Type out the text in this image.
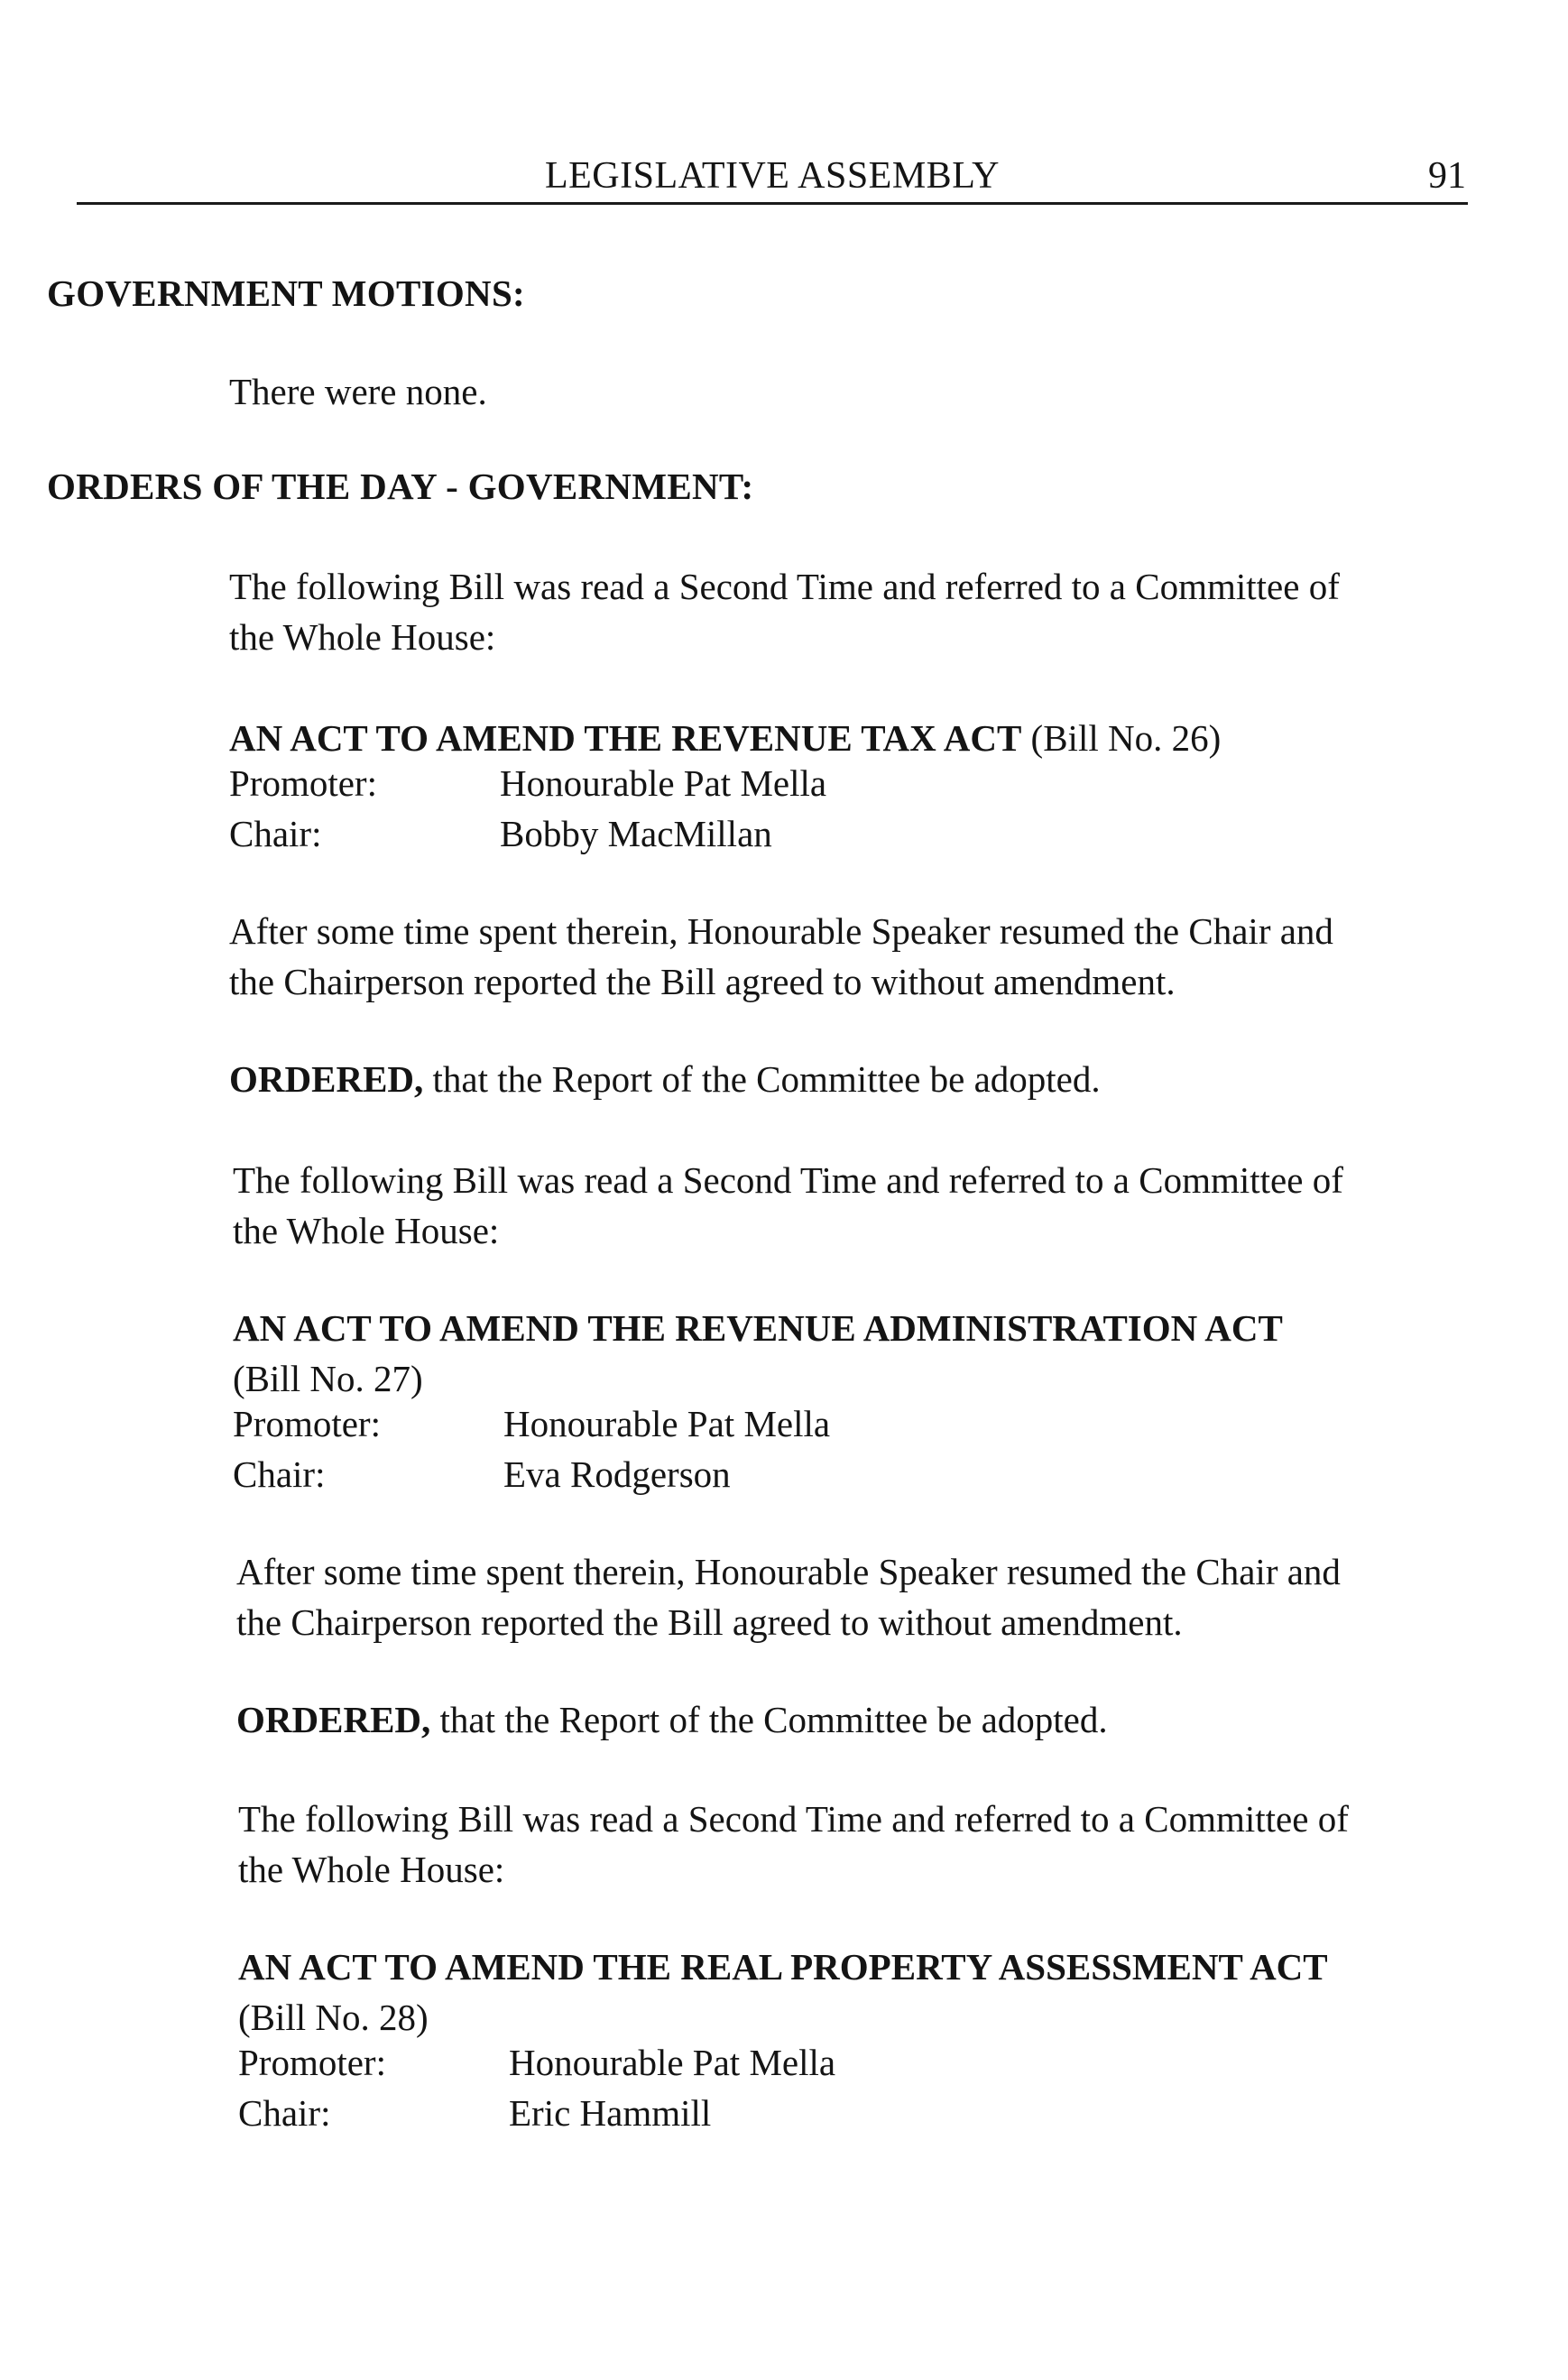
LEGISLATIVE ASSEMBLY	91
GOVERNMENT MOTIONS:
There were none.
ORDERS OF THE DAY - GOVERNMENT:
The following Bill was read a Second Time and referred to a Committee of
the Whole House:
AN ACT TO AMEND THE REVENUE TAX ACT (Bill No. 26)
Promoter:	Honourable Pat Mella
Chair:	Bobby MacMillan
After some time spent therein, Honourable Speaker resumed the Chair and
the Chairperson reported the Bill agreed to without amendment.
ORDERED, that the Report of the Committee be adopted.
The following Bill was read a Second Time and referred to a Committee of
the Whole House:
AN ACT TO AMEND THE REVENUE ADMINISTRATION ACT
(Bill No. 27)
Promoter:	Honourable Pat Mella
Chair:	Eva Rodgerson
After some time spent therein, Honourable Speaker resumed the Chair and
the Chairperson reported the Bill agreed to without amendment.
ORDERED, that the Report of the Committee be adopted.
The following Bill was read a Second Time and referred to a Committee of
the Whole House:
AN ACT TO AMEND THE REAL PROPERTY ASSESSMENT ACT
(Bill No. 28)
Promoter:	Honourable Pat Mella
Chair:	Eric Hammill
